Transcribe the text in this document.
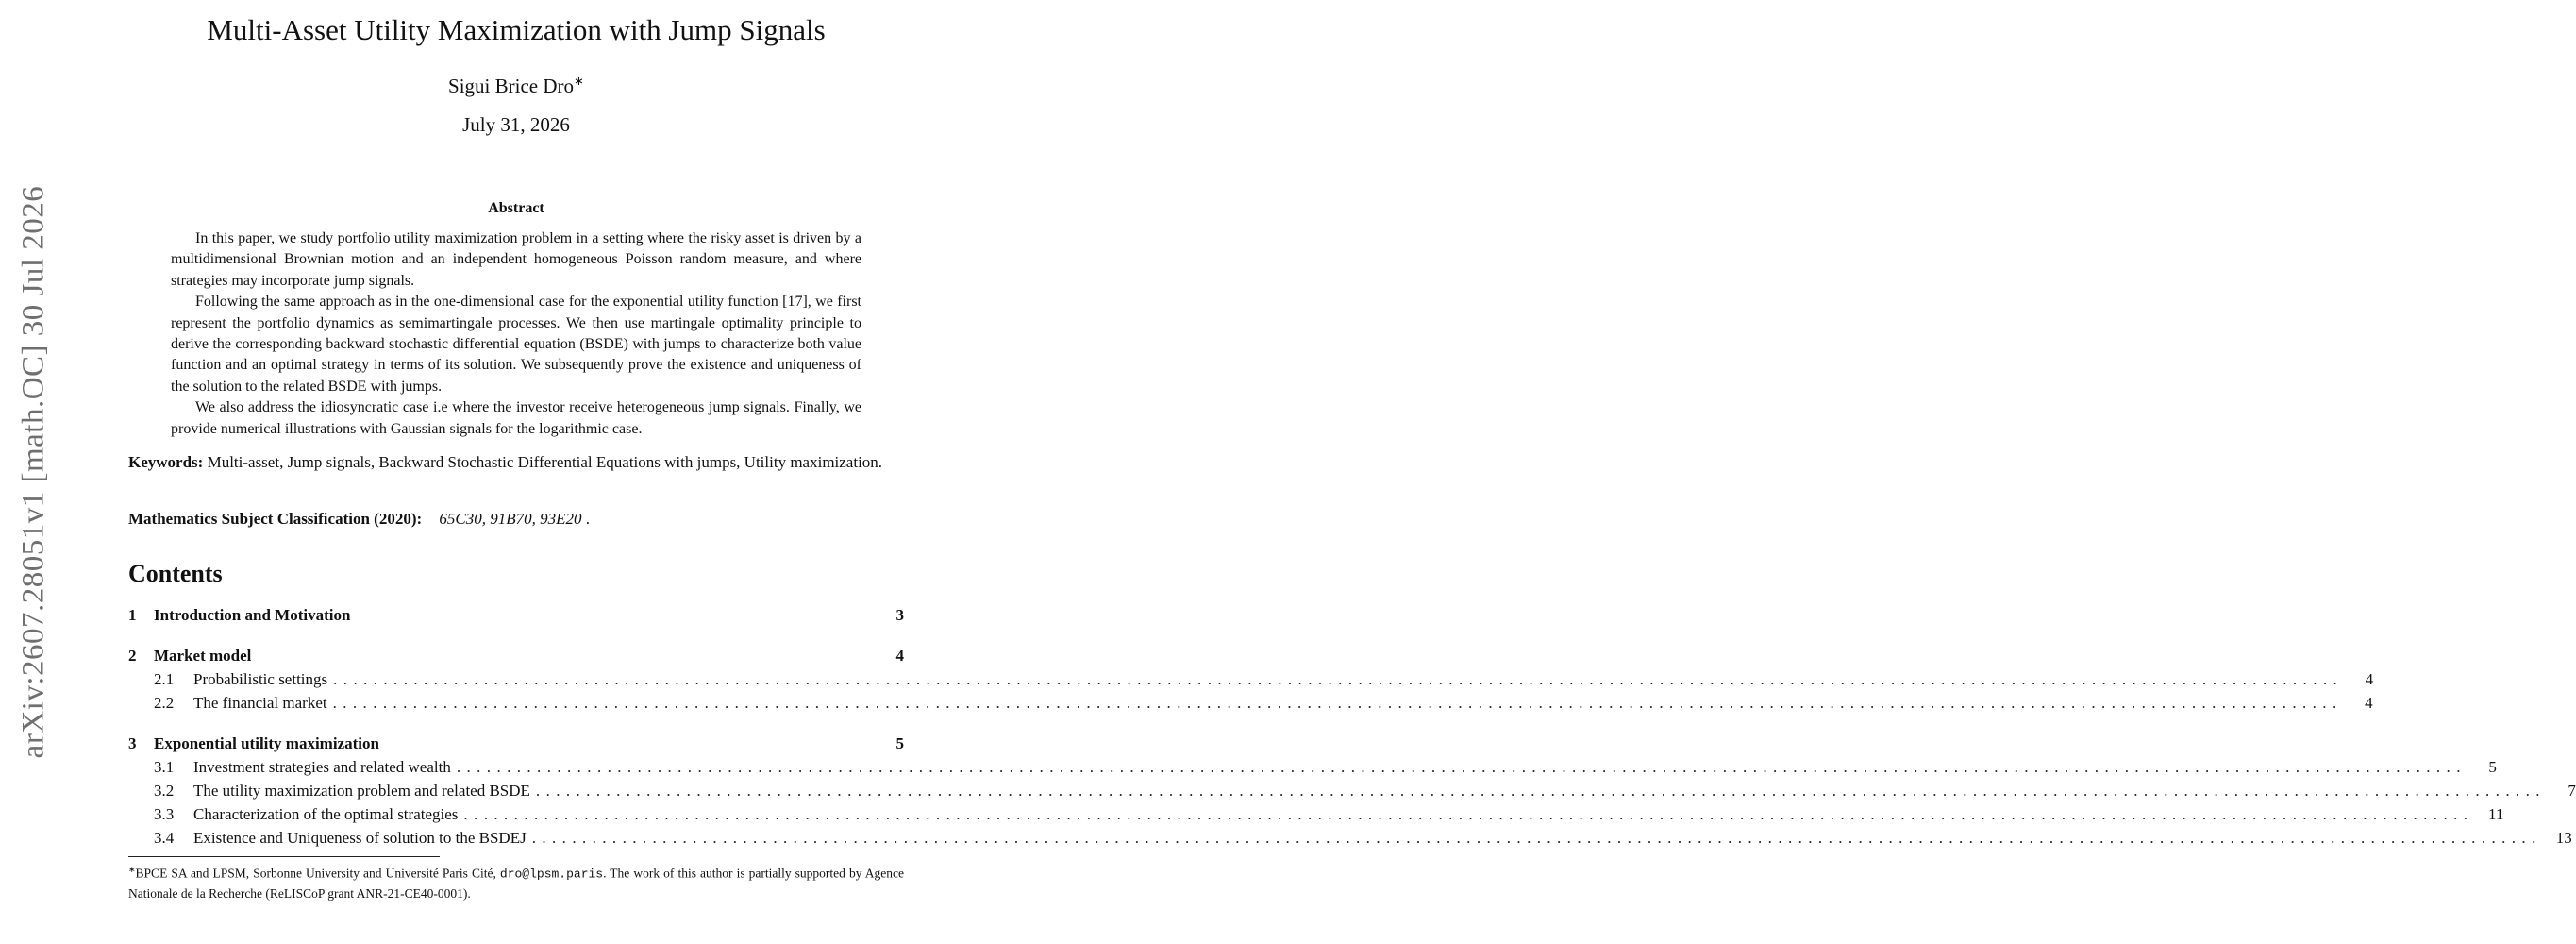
arXiv:2607.28051v1 [math.OC] 30 Jul 2026
Multi-Asset Utility Maximization with Jump Signals
Sigui Brice Dro∗
July 31, 2026
Abstract

In this paper, we study portfolio utility maximization problem in a setting where the risky asset is driven by a multidimensional Brownian motion and an independent homogeneous Poisson random measure, and where strategies may incorporate jump signals.

Following the same approach as in the one-dimensional case for the exponential utility function [17], we first represent the portfolio dynamics as semimartingale processes. We then use martingale optimality principle to derive the corresponding backward stochastic differential equation (BSDE) with jumps to characterize both value function and an optimal strategy in terms of its solution. We subsequently prove the existence and uniqueness of the solution to the related BSDE with jumps.

We also address the idiosyncratic case i.e where the investor receive heterogeneous jump signals. Finally, we provide numerical illustrations with Gaussian signals for the logarithmic case.

Keywords: Multi-asset, Jump signals, Backward Stochastic Differential Equations with jumps, Utility maximization.
Mathematics Subject Classification (2020): 65C30, 91B70, 93E20 .
Contents
1	Introduction and Motivation	3
2	Market model	4
2.1	Probabilistic settings ........................................................................................................................................................................................................	4
2.2	The financial market ........................................................................................................................................................................................................	4
3	Exponential utility maximization	5
3.1	Investment strategies and related wealth ........................................................................................................................................................................................................	5
3.2	The utility maximization problem and related BSDE ........................................................................................................................................................................................................	7
3.3	Characterization of the optimal strategies ........................................................................................................................................................................................................ 11
3.4	Existence and Uniqueness of solution to the BSDEJ ........................................................................................................................................................................................................ 13
∗BPCE SA and LPSM, Sorbonne University and Université Paris Cité, dro@lpsm.paris. The work of this author is partially supported by Agence Nationale de la Recherche (ReLISCoP grant ANR-21-CE40-0001).
